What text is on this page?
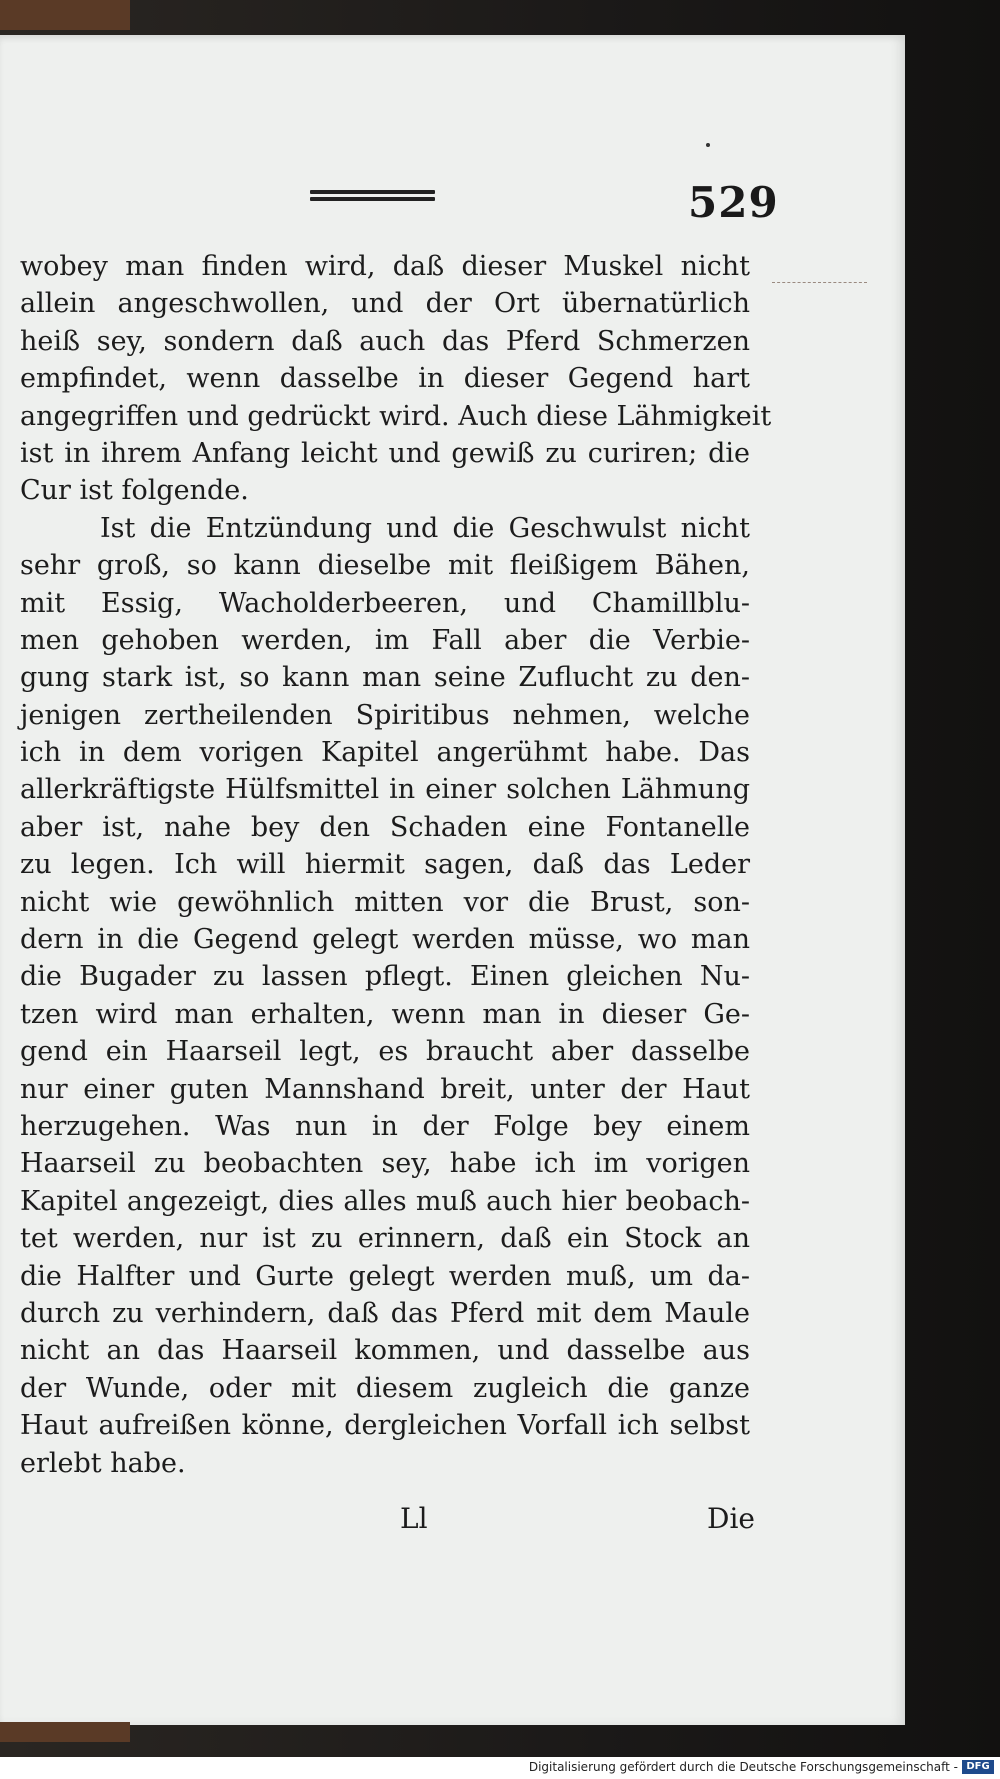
529
wobey man finden wird, daß dieser Muskel nicht
allein angeschwollen, und der Ort übernatürlich
heiß sey, sondern daß auch das Pferd Schmerzen
empfindet, wenn dasselbe in dieser Gegend hart
angegriffen und gedrückt wird. Auch diese Lähmigkeit
ist in ihrem Anfang leicht und gewiß zu curiren; die
Cur ist folgende.
Ist die Entzündung und die Geschwulst nicht
sehr groß, so kann dieselbe mit fleißigem Bähen,
mit Essig, Wacholderbeeren, und Chamillblu-
men gehoben werden, im Fall aber die Verbie-
gung stark ist, so kann man seine Zuflucht zu den-
jenigen zertheilenden Spiritibus nehmen, welche
ich in dem vorigen Kapitel angerühmt habe. Das
allerkräftigste Hülfsmittel in einer solchen Lähmung
aber ist, nahe bey den Schaden eine Fontanelle
zu legen. Ich will hiermit sagen, daß das Leder
nicht wie gewöhnlich mitten vor die Brust, son-
dern in die Gegend gelegt werden müsse, wo man
die Bugader zu lassen pflegt. Einen gleichen Nu-
tzen wird man erhalten, wenn man in dieser Ge-
gend ein Haarseil legt, es braucht aber dasselbe
nur einer guten Mannshand breit, unter der Haut
herzugehen. Was nun in der Folge bey einem
Haarseil zu beobachten sey, habe ich im vorigen
Kapitel angezeigt, dies alles muß auch hier beobach-
tet werden, nur ist zu erinnern, daß ein Stock an
die Halfter und Gurte gelegt werden muß, um da-
durch zu verhindern, daß das Pferd mit dem Maule
nicht an das Haarseil kommen, und dasselbe aus
der Wunde, oder mit diesem zugleich die ganze
Haut aufreißen könne, dergleichen Vorfall ich selbst
erlebt habe.
Ll	Die
Digitalisierung gefördert durch die Deutsche Forschungsgemeinschaft - DFG
